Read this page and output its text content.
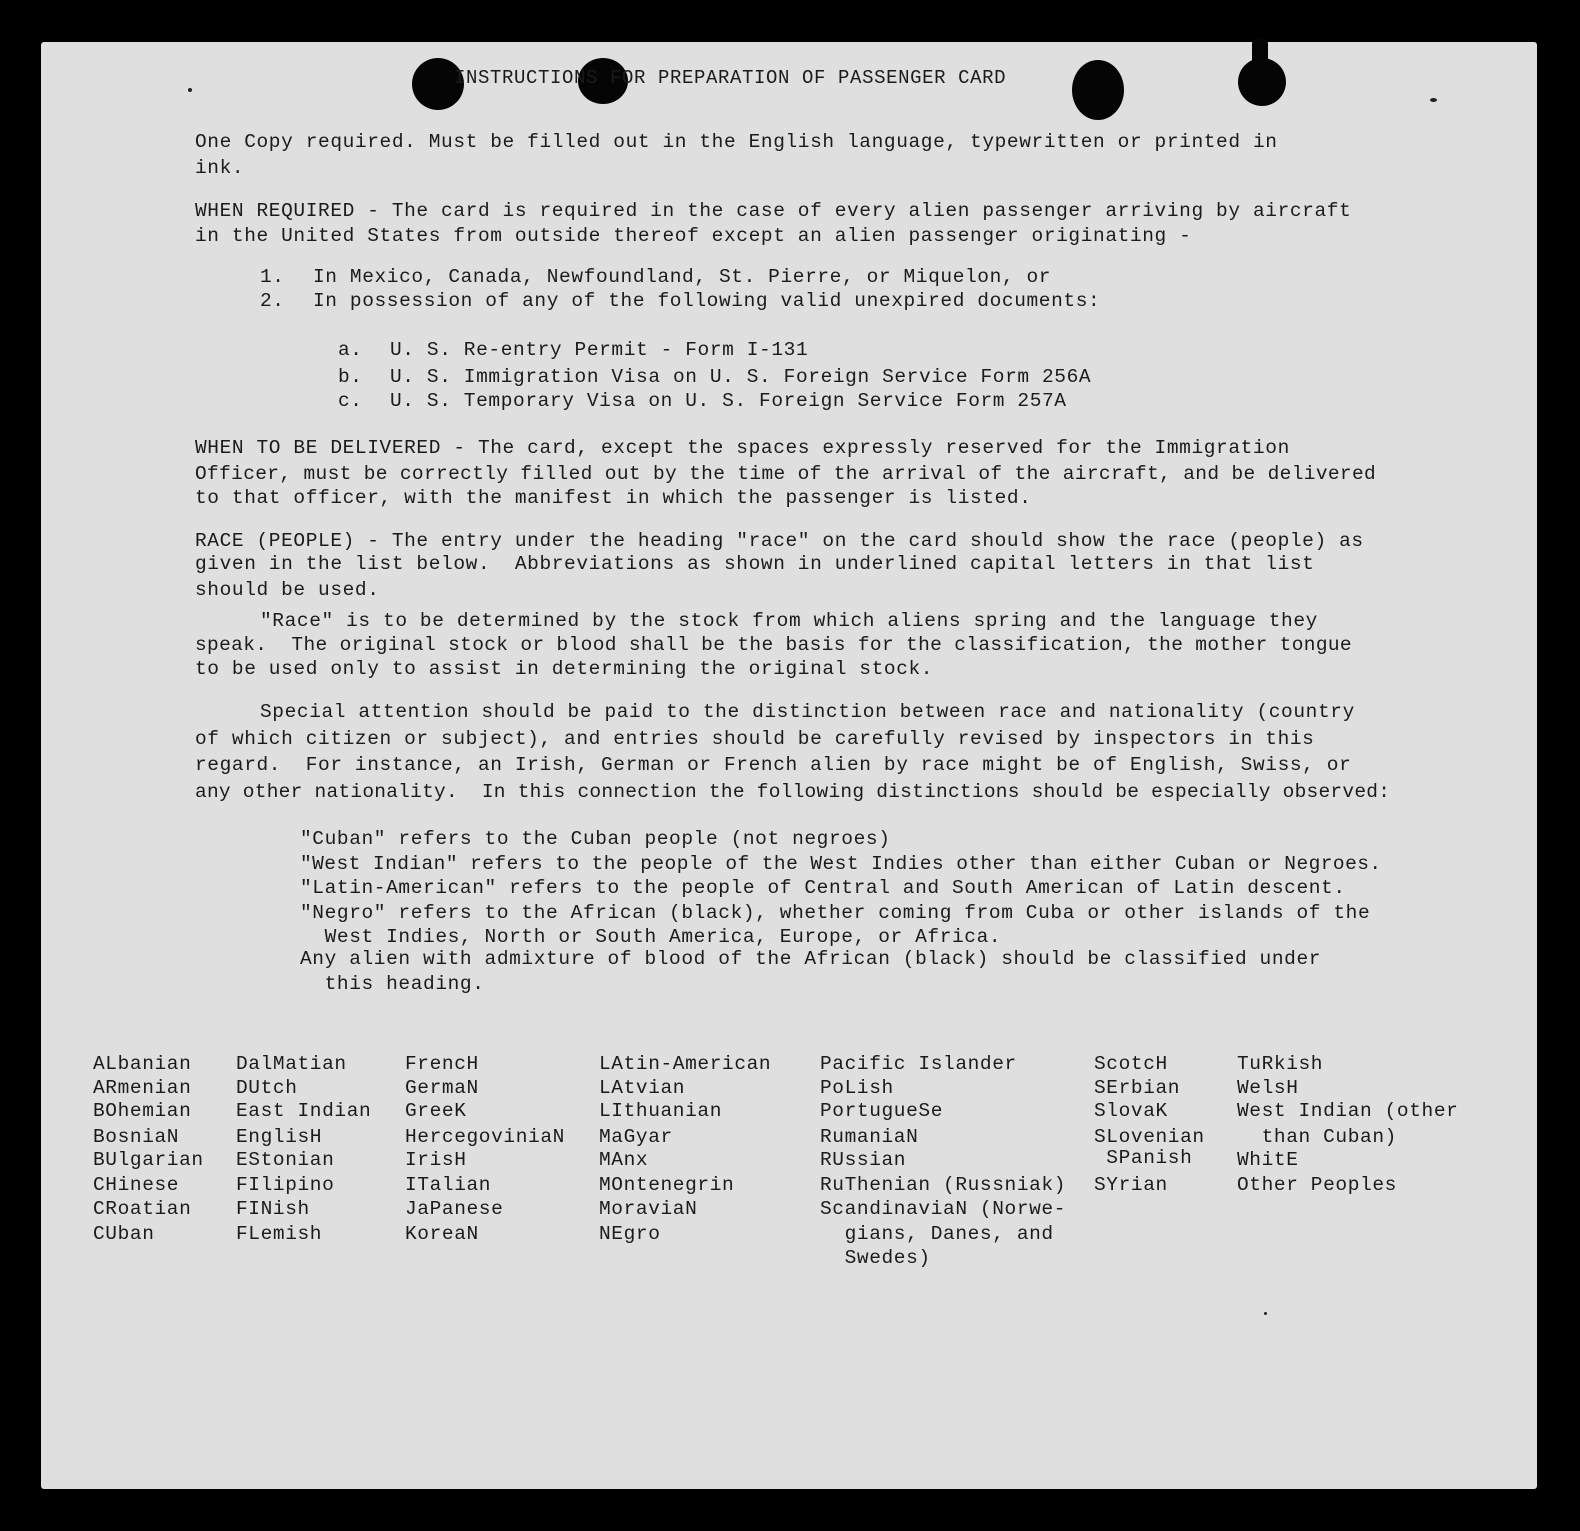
INSTRUCTIONS FOR PREPARATION OF PASSENGER CARD
One Copy required. Must be filled out in the English language, typewritten or printed in
ink.
WHEN REQUIRED - The card is required in the case of every alien passenger arriving by aircraft
in the United States from outside thereof except an alien passenger originating -
1. In Mexico, Canada, Newfoundland, St. Pierre, or Miquelon, or
2. In possession of any of the following valid unexpired documents:
a. U. S. Re-entry Permit - Form I-131
b. U. S. Immigration Visa on U. S. Foreign Service Form 256A
c. U. S. Temporary Visa on U. S. Foreign Service Form 257A
WHEN TO BE DELIVERED - The card, except the spaces expressly reserved for the Immigration
Officer, must be correctly filled out by the time of the arrival of the aircraft, and be delivered
to that officer, with the manifest in which the passenger is listed.
RACE (PEOPLE) - The entry under the heading "race" on the card should show the race (people) as
given in the list below.  Abbreviations as shown in underlined capital letters in that list
should be used.
"Race" is to be determined by the stock from which aliens spring and the language they
speak.  The original stock or blood shall be the basis for the classification, the mother tongue
to be used only to assist in determining the original stock.
Special attention should be paid to the distinction between race and nationality (country
of which citizen or subject), and entries should be carefully revised by inspectors in this
regard.  For instance, an Irish, German or French alien by race might be of English, Swiss, or
any other nationality.  In this connection the following distinctions should be especially observed:
"Cuban" refers to the Cuban people (not negroes)
"West Indian" refers to the people of the West Indies other than either Cuban or Negroes.
"Latin-American" refers to the people of Central and South American of Latin descent.
"Negro" refers to the African (black), whether coming from Cuba or other islands of the
West Indies, North or South America, Europe, or Africa.
Any alien with admixture of blood of the African (black) should be classified under
this heading.
ALbanian
ARmenian
BOhemian
BosniaN
BUlgarian
CHinese
CRoatian
CUban
DalMatian
DUtch
East Indian
EnglisH
EStonian
FIlipino
FINish
FLemish
FrencH
GermaN
GreeK
HercegoviniaN
IrisH
ITalian
JaPanese
KoreaN
LAtin-American
LAtvian
LIthuanian
MaGyar
MAnx
MOntenegrin
MoraviaN
NEgro
Pacific Islander
PoLish
PortugueSe
RumaniaN
RUssian
RuThenian (Russniak)
ScandinaviaN (Norwe-
gians, Danes, and
Swedes)
ScotcH
SErbian
SlovaK
SLovenian
SPanish
SYrian
TuRkish
WelsH
West Indian (other
than Cuban)
WhitE
Other Peoples
